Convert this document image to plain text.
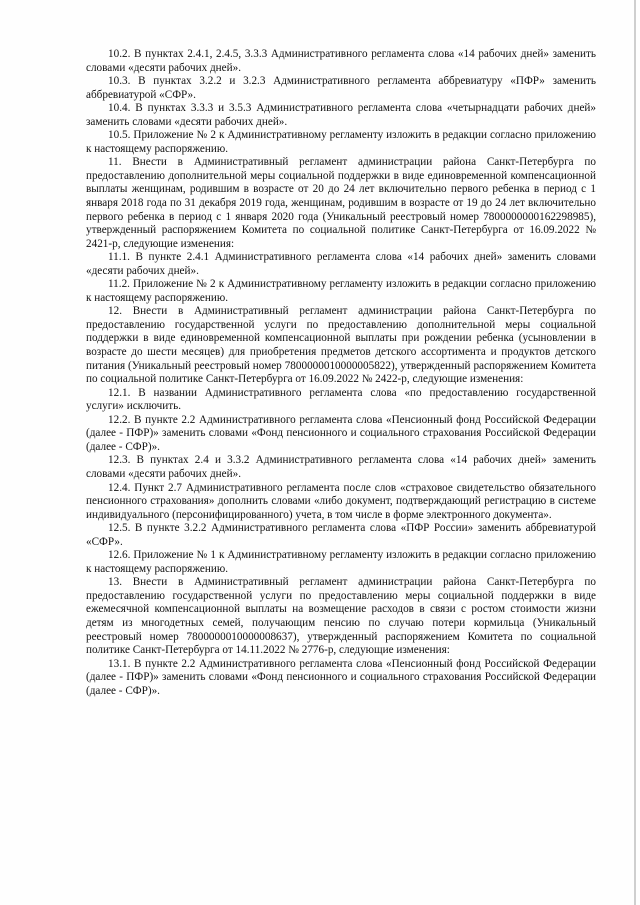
10.2. В пунктах 2.4.1, 2.4.5, 3.3.3 Административного регламента слова «14 рабочих дней» заменить словами «десяти рабочих дней».

10.3. В пунктах 3.2.2 и 3.2.3 Административного регламента аббревиатуру «ПФР» заменить аббревиатурой «СФР».

10.4. В пунктах 3.3.3 и 3.5.3 Административного регламента слова «четырнадцати рабочих дней» заменить словами «десяти рабочих дней».

10.5. Приложение № 2 к Административному регламенту изложить в редакции согласно приложению к настоящему распоряжению.

11. Внести в Административный регламент администрации района Санкт-Петербурга по предоставлению дополнительной меры социальной поддержки в виде единовременной компенсационной выплаты женщинам, родившим в возрасте от 20 до 24 лет включительно первого ребенка в период с 1 января 2018 года по 31 декабря 2019 года, женщинам, родившим в возрасте от 19 до 24 лет включительно первого ребенка в период с 1 января 2020 года (Уникальный реестровый номер 7800000000162298985), утвержденный распоряжением Комитета по социальной политике Санкт-Петербурга от 16.09.2022 № 2421-р, следующие изменения:

11.1. В пункте 2.4.1 Административного регламента слова «14 рабочих дней» заменить словами «десяти рабочих дней».

11.2. Приложение № 2 к Административному регламенту изложить в редакции согласно приложению к настоящему распоряжению.

12. Внести в Административный регламент администрации района Санкт-Петербурга по предоставлению государственной услуги по предоставлению дополнительной меры социальной поддержки в виде единовременной компенсационной выплаты при рождении ребенка (усыновлении в возрасте до шести месяцев) для приобретения предметов детского ассортимента и продуктов детского питания (Уникальный реестровый номер 7800000010000005822), утвержденный распоряжением Комитета по социальной политике Санкт-Петербурга от 16.09.2022 № 2422-р, следующие изменения:

12.1. В названии Административного регламента слова «по предоставлению государственной услуги» исключить.

12.2. В пункте 2.2 Административного регламента слова «Пенсионный фонд Российской Федерации (далее - ПФР)» заменить словами «Фонд пенсионного и социального страхования Российской Федерации (далее - СФР)».

12.3. В пунктах 2.4 и 3.3.2 Административного регламента слова «14 рабочих дней» заменить словами «десяти рабочих дней».

12.4. Пункт 2.7 Административного регламента после слов «страховое свидетельство обязательного пенсионного страхования» дополнить словами «либо документ, подтверждающий регистрацию в системе индивидуального (персонифицированного) учета, в том числе в форме электронного документа».

12.5. В пункте 3.2.2 Административного регламента слова «ПФР России» заменить аббревиатурой «СФР».

12.6. Приложение № 1 к Административному регламенту изложить в редакции согласно приложению к настоящему распоряжению.

13. Внести в Административный регламент администрации района Санкт-Петербурга по предоставлению государственной услуги по предоставлению меры социальной поддержки в виде ежемесячной компенсационной выплаты на возмещение расходов в связи с ростом стоимости жизни детям из многодетных семей, получающим пенсию по случаю потери кормильца (Уникальный реестровый номер 7800000010000008637), утвержденный распоряжением Комитета по социальной политике Санкт-Петербурга от 14.11.2022 № 2776-р, следующие изменения:

13.1. В пункте 2.2 Административного регламента слова «Пенсионный фонд Российской Федерации (далее - ПФР)» заменить словами «Фонд пенсионного и социального страхования Российской Федерации (далее - СФР)».
